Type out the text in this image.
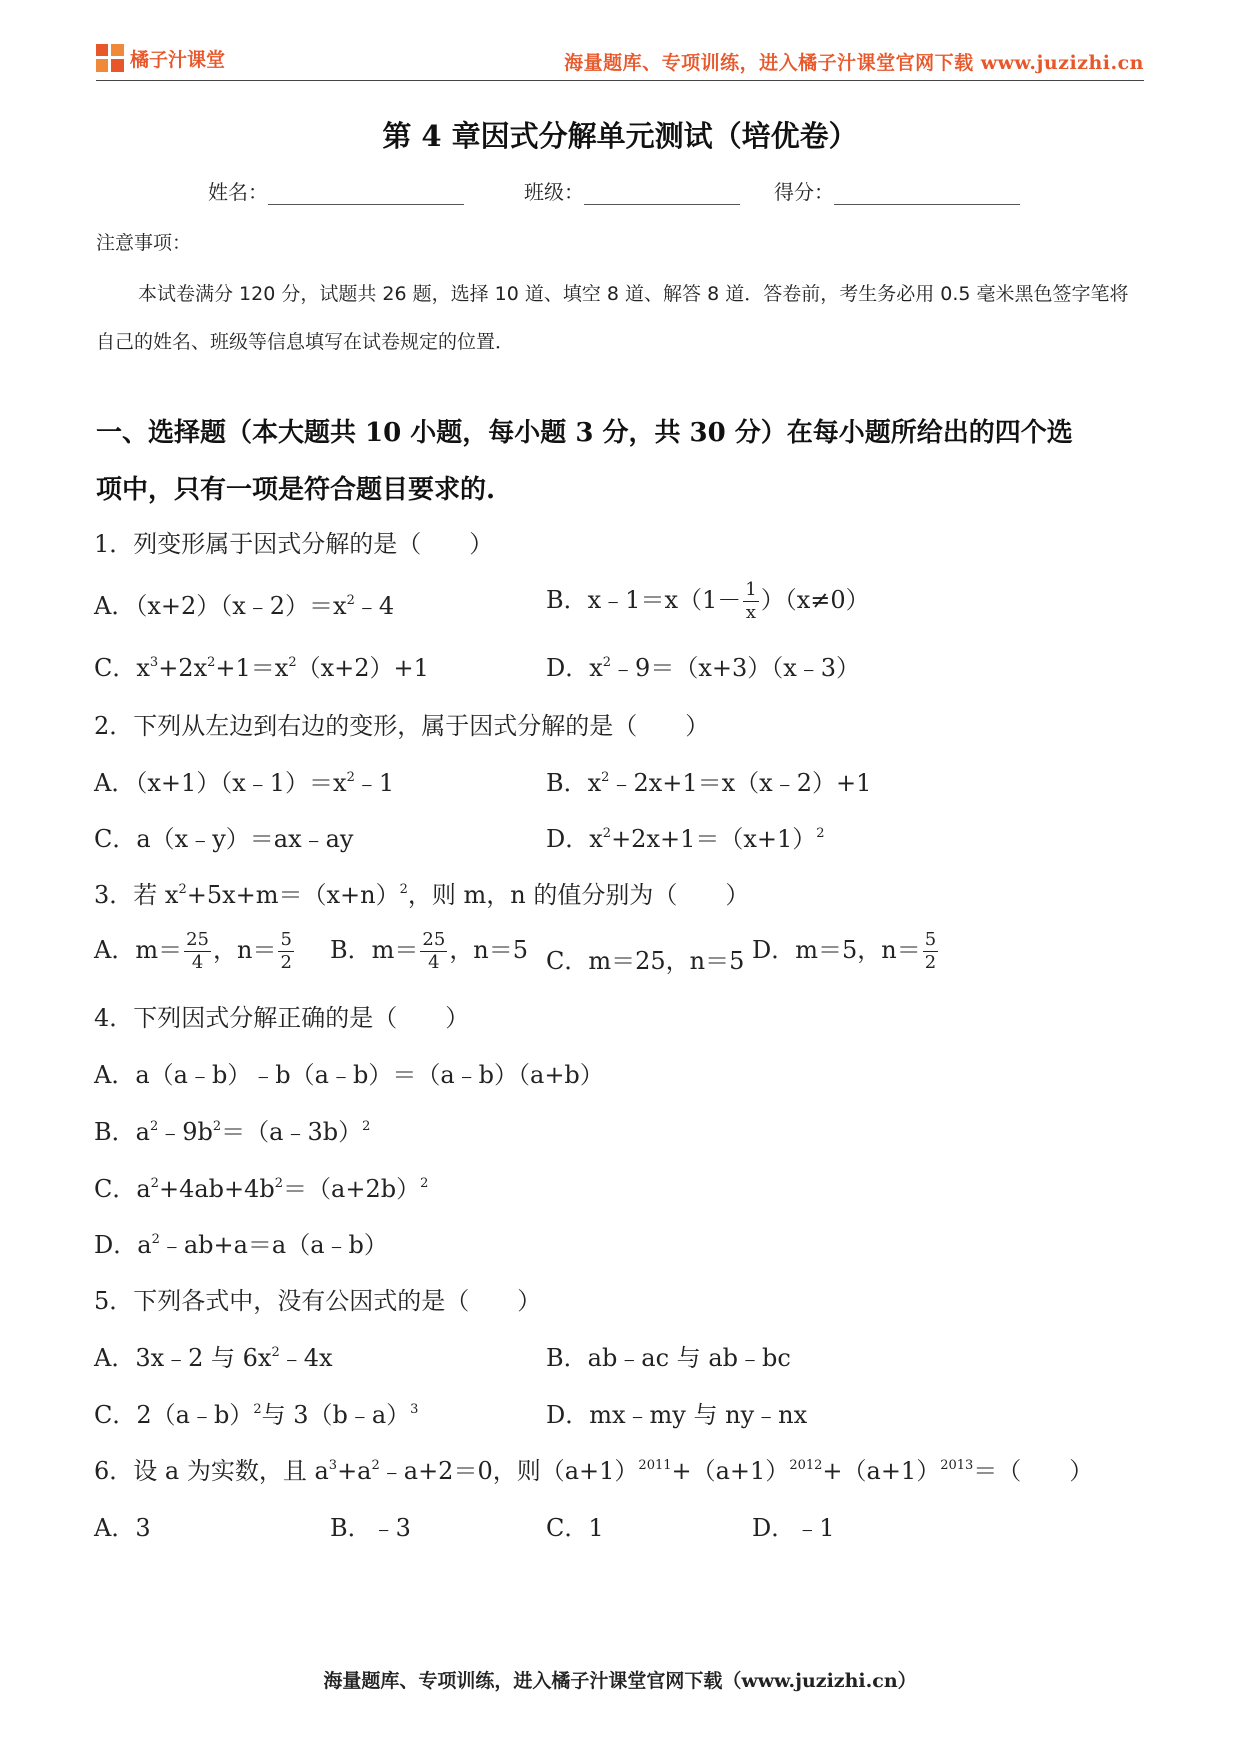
橘子汁课堂	海量题库、专项训练，进入橘子汁课堂官网下载 www.juzizhi.cn
第 4 章因式分解单元测试（培优卷）
姓名：	班级：	得分：
注意事项：
本试卷满分 120 分，试题共 26 题，选择 10 道、填空 8 道、解答 8 道．答卷前，考生务必用 0.5 毫米黑色签字笔将自己的姓名、班级等信息填写在试卷规定的位置．
一、选择题（本大题共 10 小题，每小题 3 分，共 30 分）在每小题所给出的四个选
项中，只有一项是符合题目要求的.
1．列变形属于因式分解的是（　　）
A．$(x+2)(x﹣2)=x^2﹣4$	B．x﹣1＝x（1－ $\frac{1}{x} )(x\ne 0)$
C．$x^3+2x^2+1=x^2(x+2)+1$	D．$x^2﹣9=(x+3)(x﹣3)$
2．下列从左边到右边的变形，属于因式分解的是（　　）
A．$(x+1)(x﹣1)=x^2﹣1$	B．$x^2﹣2x+1=x(x﹣2)+1$
C．a（x﹣y）＝ax﹣ay	D．$x^2+2x+1=(x+1)^2$
3．若 $x^2+5x+m=(x+n)^2$，则 m，n 的值分别为（　　）
A．$m= \frac{25}{4}$ ，$n= \frac{5}{2}$ B．$m= \frac{25}{4}$ ，n＝5 C．m＝25，n＝5 D．m＝5，$n= \frac{5}{2}$
4．下列因式分解正确的是（　　）
A．a（a﹣b）﹣b（a﹣b）＝（a﹣b）（a+b）
B．$a^2﹣9b^2=(a﹣3b)^2$
C．$a^2+4ab+4b^2=(a+2b)^2$
D．$a^2﹣ab+a=a(a﹣b)$
5．下列各式中，没有公因式的是（　　）
A．3x﹣2 与 $6x^2﹣4x$	B．ab﹣ac 与 ab﹣bc
C．2（a﹣b）$^2$与 3（b﹣a）$^3$	D．mx﹣my 与 ny﹣nx
6．设 a 为实数，且 $a^3+a^2﹣a+2=0$，则$(a+1)^{2011}+(a+1)^{2012}+(a+1)^{2013}=$（　　）
A．3	B．﹣3	C．1	D．﹣1
海量题库、专项训练，进入橘子汁课堂官网下载（www.juzizhi.cn）
